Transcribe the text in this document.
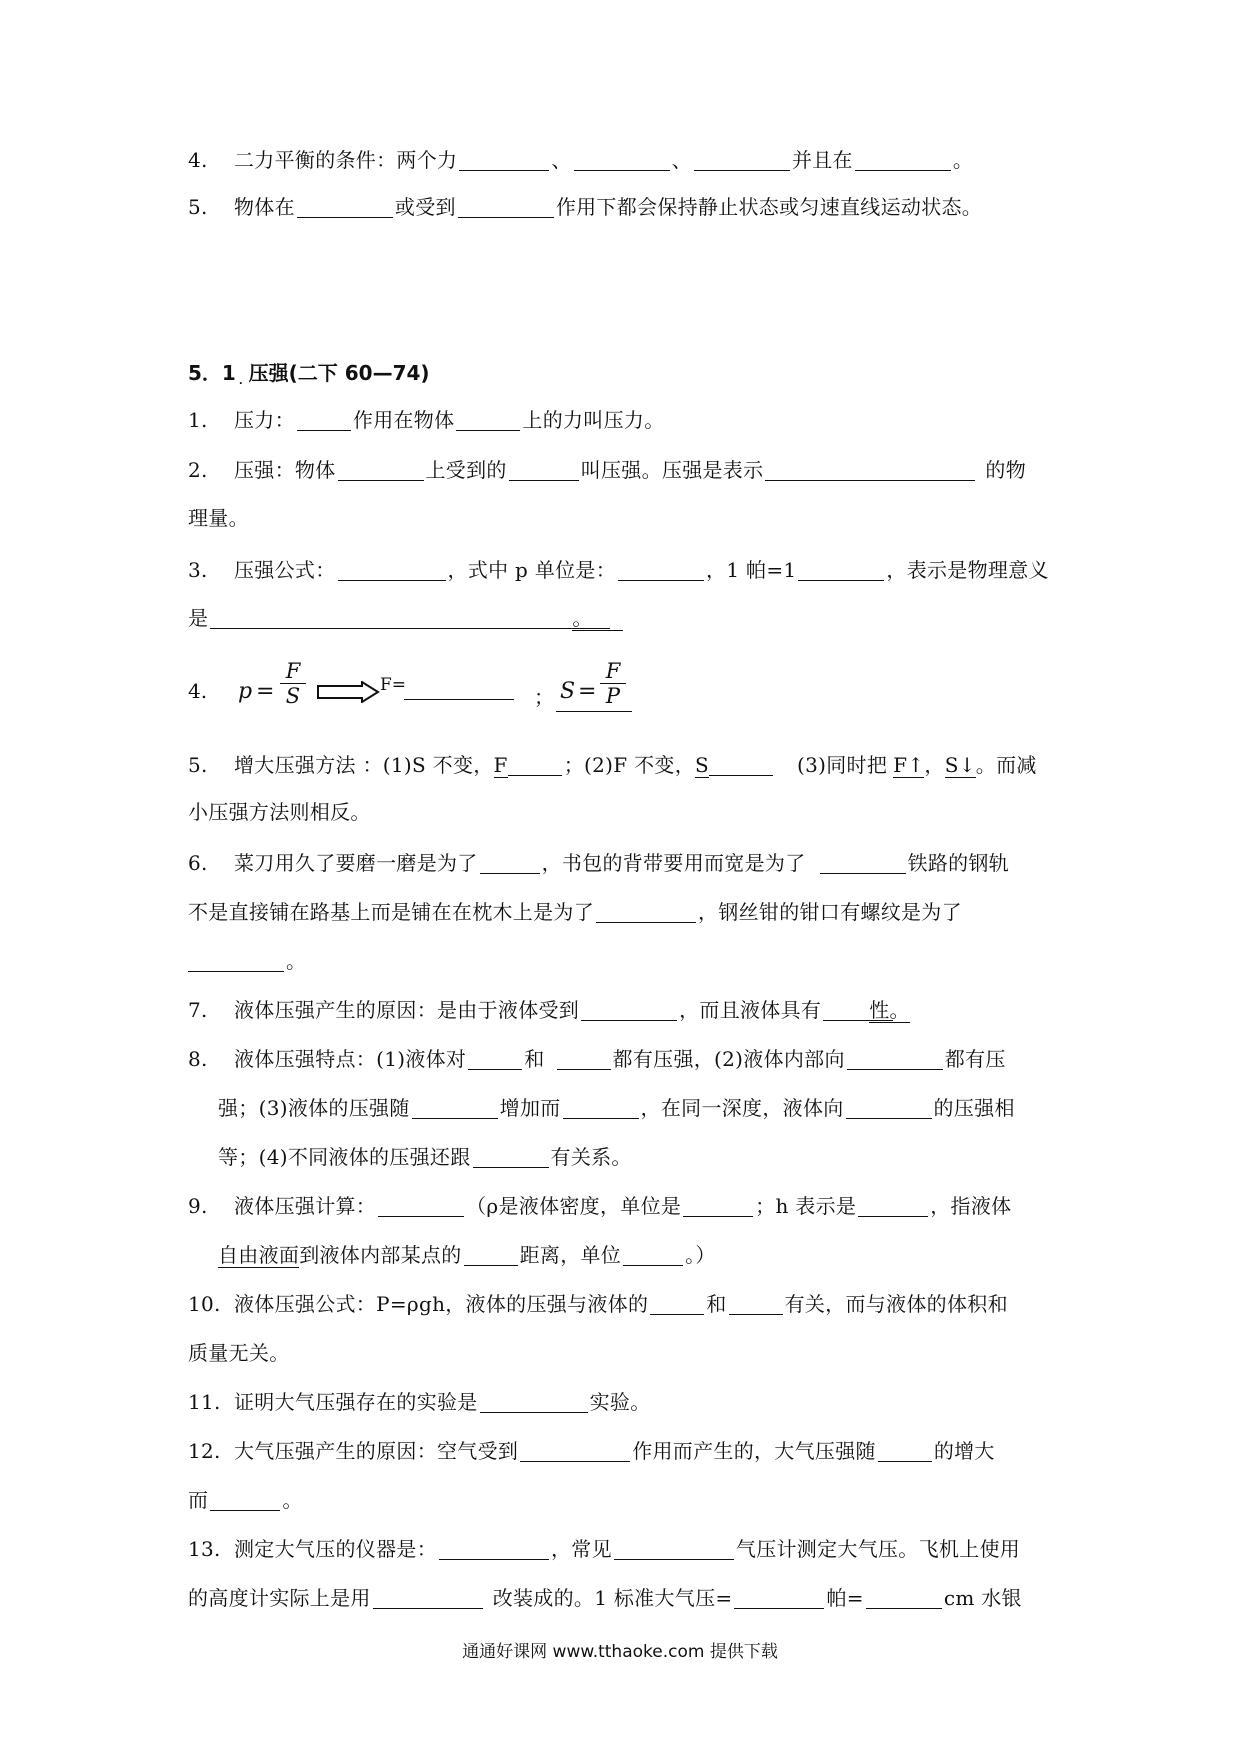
4. 二力平衡的条件：两个力	、	、	并且在	。
5. 物体在	或受到	作用下都会保持静止状态或匀速直线运动状态。
5．1 $_.$ 压强(二下 60—74)
1. 压力：	作用在物体	上的力叫压力。
2. 压强：物体	上受到的	叫压强。压强是表示	的物
理量。
3. 压强公式：	，式中 p 单位是：	，1 帕=1	，表示是物理意义
是	。
4. $p = \frac{F}{S}$	F=	； $S = \frac{F}{P}$
5. 增大压强方法 ：(1)S 不变，F	；(2)F 不变，S	(3)同时把 F↑，S↓。而减
小压强方法则相反。
6. 菜刀用久了要磨一磨是为了	，书包的背带要用而宽是为了	铁路的钢轨
不是直接铺在路基上而是铺在在枕木上是为了	，钢丝钳的钳口有螺纹是为了
。
7. 液体压强产生的原因：是由于液体受到	，而且液体具有 性。
8. 液体压强特点：(1)液体对	和	都有压强，(2)液体内部向	都有压
强；(3)液体的压强随	增加而	，在同一深度，液体向	的压强相
等；(4)不同液体的压强还跟	有关系。
9. 液体压强计算：	（ρ是液体密度，单位是	；h 表示是	，指液体
自由液面到液体内部某点的	距离，单位	。）
10. 液体压强公式：P=ρgh，液体的压强与液体的	和	有关，而与液体的体积和
质量无关。
11. 证明大气压强存在的实验是	实验。
12. 大气压强产生的原因：空气受到	作用而产生的，大气压强随	的增大
而	。
13. 测定大气压的仪器是：	，常见	气压计测定大气压。飞机上使用
的高度计实际上是用	改装成的。1 标准大气压=	帕=	cm 水银
通通好课网 www.tthaoke.com 提供下载
